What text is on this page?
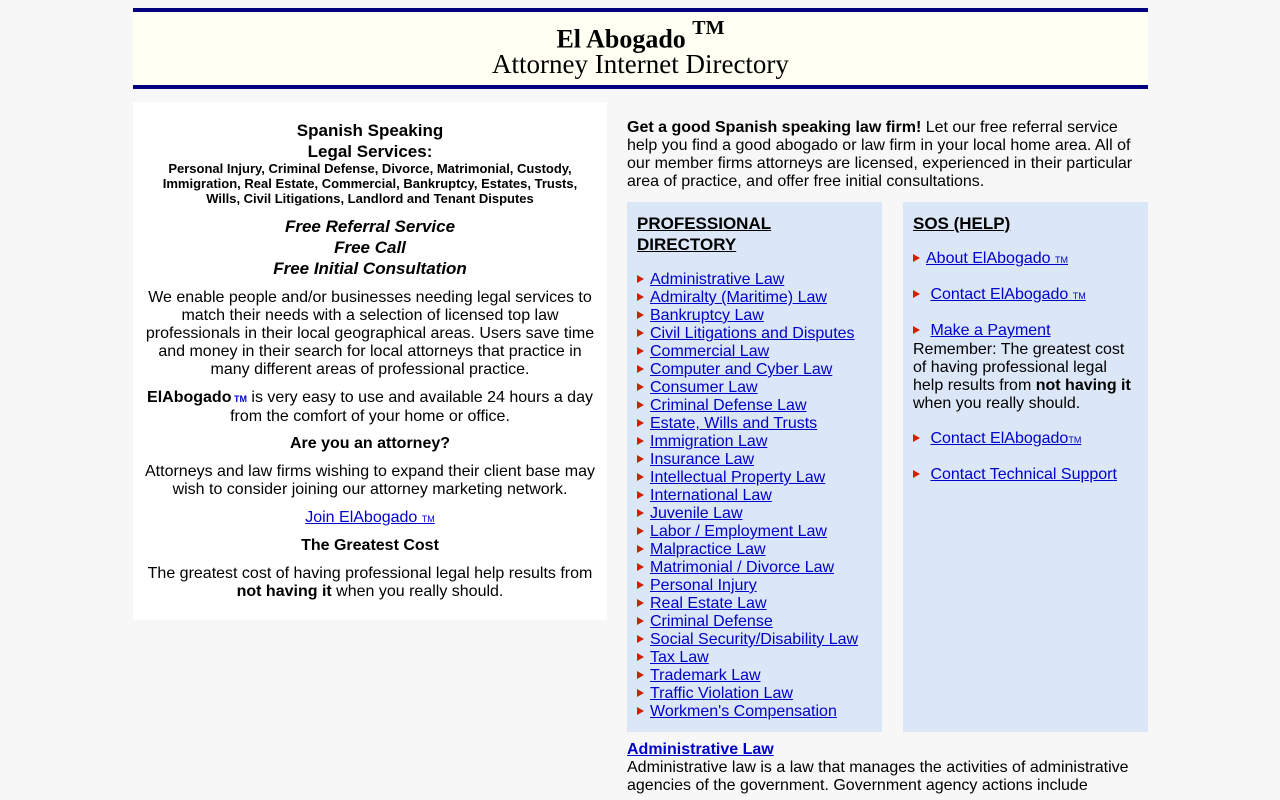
El Abogado ™
Attorney Internet Directory
Spanish Speaking
Legal Services:
Personal Injury, Criminal Defense, Divorce, Matrimonial, Custody, Immigration, Real Estate, Commercial, Bankruptcy, Estates, Trusts, Wills, Civil Litigations, Landlord and Tenant Disputes
Free Referral Service
Free Call
Free Initial Consultation
We enable people and/or businesses needing legal services to match their needs with a selection of licensed top law professionals in their local geographical areas. Users save time and money in their search for local attorneys that practice in many different areas of professional practice.
ElAbogado TM is very easy to use and available 24 hours a day from the comfort of your home or office.
Are you an attorney?
Attorneys and law firms wishing to expand their client base may wish to consider joining our attorney marketing network.
Join ElAbogado TM
The Greatest Cost
The greatest cost of having professional legal help results from not having it when you really should.
Get a good Spanish speaking law firm! Let our free referral service help you find a good abogado or law firm in your local home area. All of our member firms attorneys are licensed, experienced in their particular area of practice, and offer free initial consultations.
PROFESSIONAL
DIRECTORY
Administrative Law
Admiralty (Maritime) Law
Bankruptcy Law
Civil Litigations and Disputes
Commercial Law
Computer and Cyber Law
Consumer Law
Criminal Defense Law
Estate, Wills and Trusts
Immigration Law
Insurance Law
Intellectual Property Law
International Law
Juvenile Law
Labor / Employment Law
Malpractice Law
Matrimonial / Divorce Law
Personal Injury
Real Estate Law
Criminal Defense
Social Security/Disability Law
Tax Law
Trademark Law
Traffic Violation Law
Workmen's Compensation
SOS (HELP)
About ElAbogado TM
Contact ElAbogado TM
Make a Payment
Remember: The greatest cost of having professional legal help results from not having it when you really should.
Contact ElAbogadoTM
Contact Technical Support
Administrative Law
Administrative law is a law that manages the activities of administrative agencies of the government. Government agency actions include
